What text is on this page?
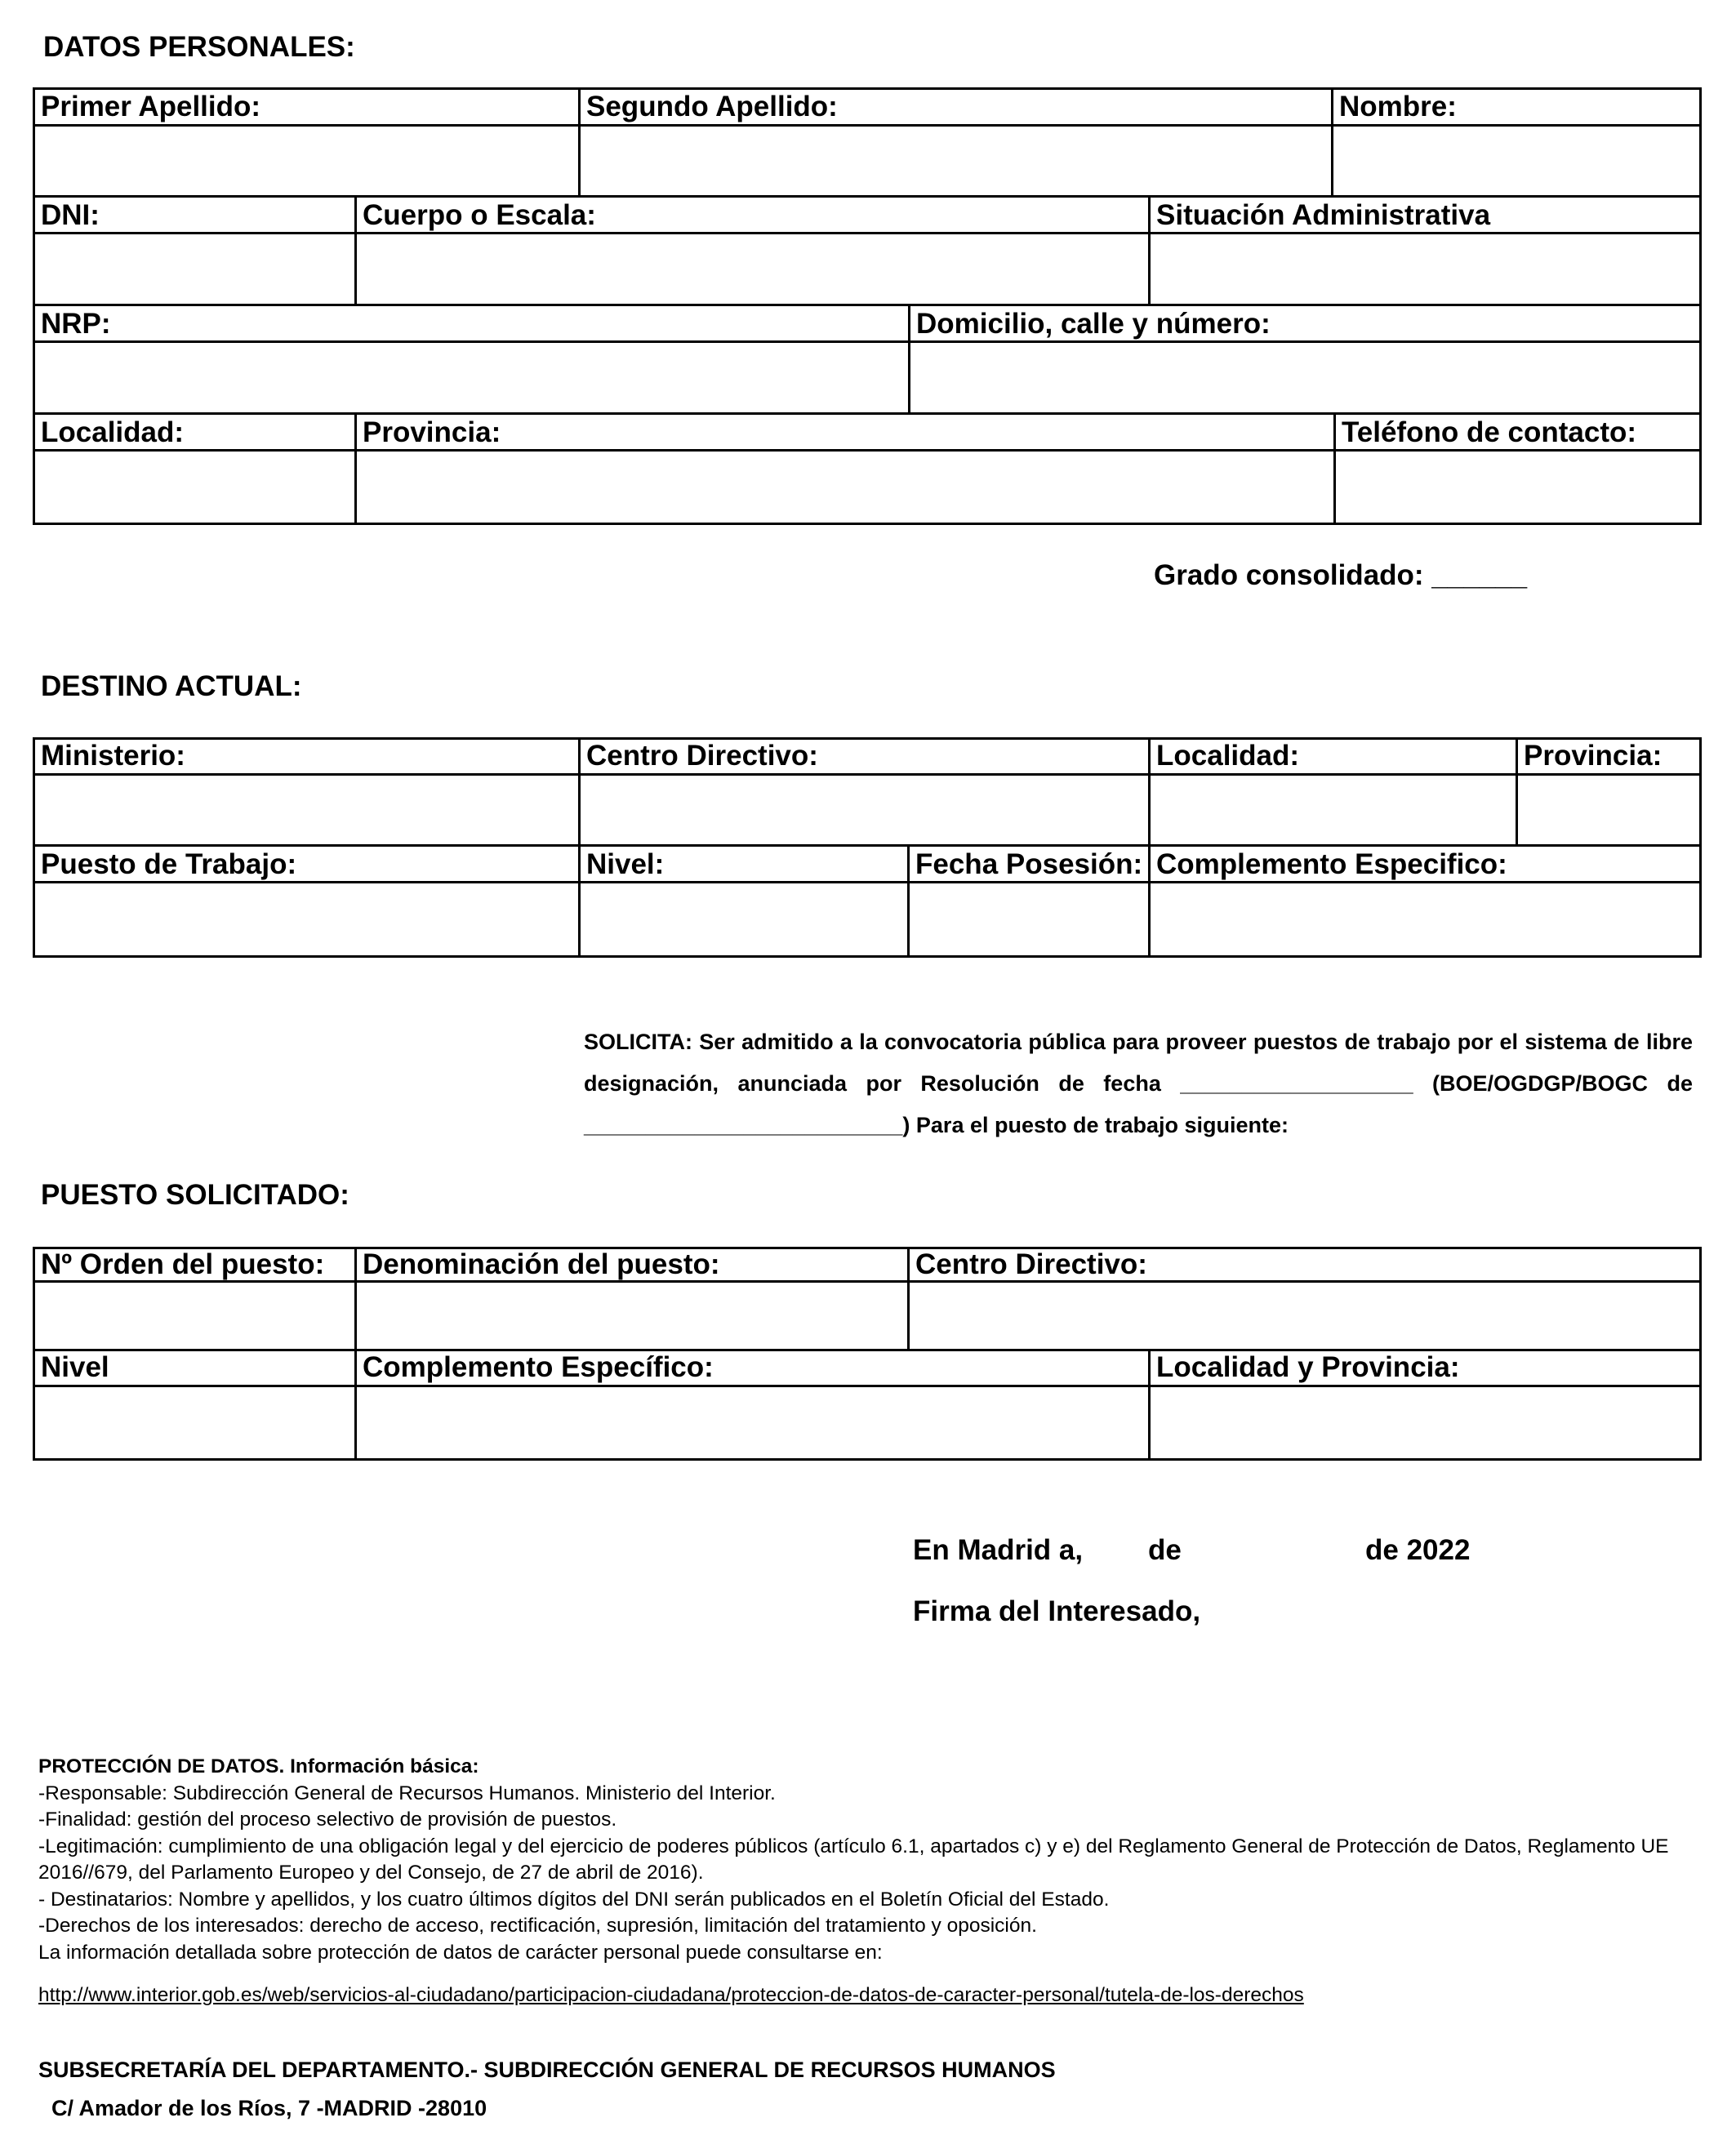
DATOS PERSONALES:
Primer Apellido:	Segundo Apellido:	Nombre:
DNI:	Cuerpo o Escala:	Situación Administrativa
NRP:	Domicilio, calle y número:
Localidad:	Provincia:	Teléfono de contacto:
Grado consolidado: ______
DESTINO ACTUAL:
Ministerio:	Centro Directivo:	Localidad:	Provincia:
Puesto de Trabajo:	Nivel:	Fecha Posesión: Complemento Especifico:
SOLICITA: Ser admitido a la convocatoria pública para proveer puestos de trabajo por el sistema de libre designación, anunciada por Resolución de fecha ___________________ (BOE/OGDGP/BOGC de __________________________) Para el puesto de trabajo siguiente:
PUESTO SOLICITADO:
Nº Orden del puesto: Denominación del puesto:	Centro Directivo:
Nivel	Complemento Específico:	Localidad y Provincia:
En Madrid a, de	de 2022
Firma del Interesado,
PROTECCIÓN DE DATOS. Información básica:
-Responsable: Subdirección General de Recursos Humanos. Ministerio del Interior.
-Finalidad: gestión del proceso selectivo de provisión de puestos.
-Legitimación: cumplimiento de una obligación legal y del ejercicio de poderes públicos (artículo 6.1, apartados c) y e) del Reglamento General de Protección de Datos, Reglamento UE 2016//679, del Parlamento Europeo y del Consejo, de 27 de abril de 2016).
- Destinatarios: Nombre y apellidos, y los cuatro últimos dígitos del DNI serán publicados en el Boletín Oficial del Estado.
-Derechos de los interesados: derecho de acceso, rectificación, supresión, limitación del tratamiento y oposición.
La información detallada sobre protección de datos de carácter personal puede consultarse en:
http://www.interior.gob.es/web/servicios-al-ciudadano/participacion-ciudadana/proteccion-de-datos-de-caracter-personal/tutela-de-los-derechos
SUBSECRETARÍA DEL DEPARTAMENTO.- SUBDIRECCIÓN GENERAL DE RECURSOS HUMANOS
C/ Amador de los Ríos, 7 -MADRID -28010
